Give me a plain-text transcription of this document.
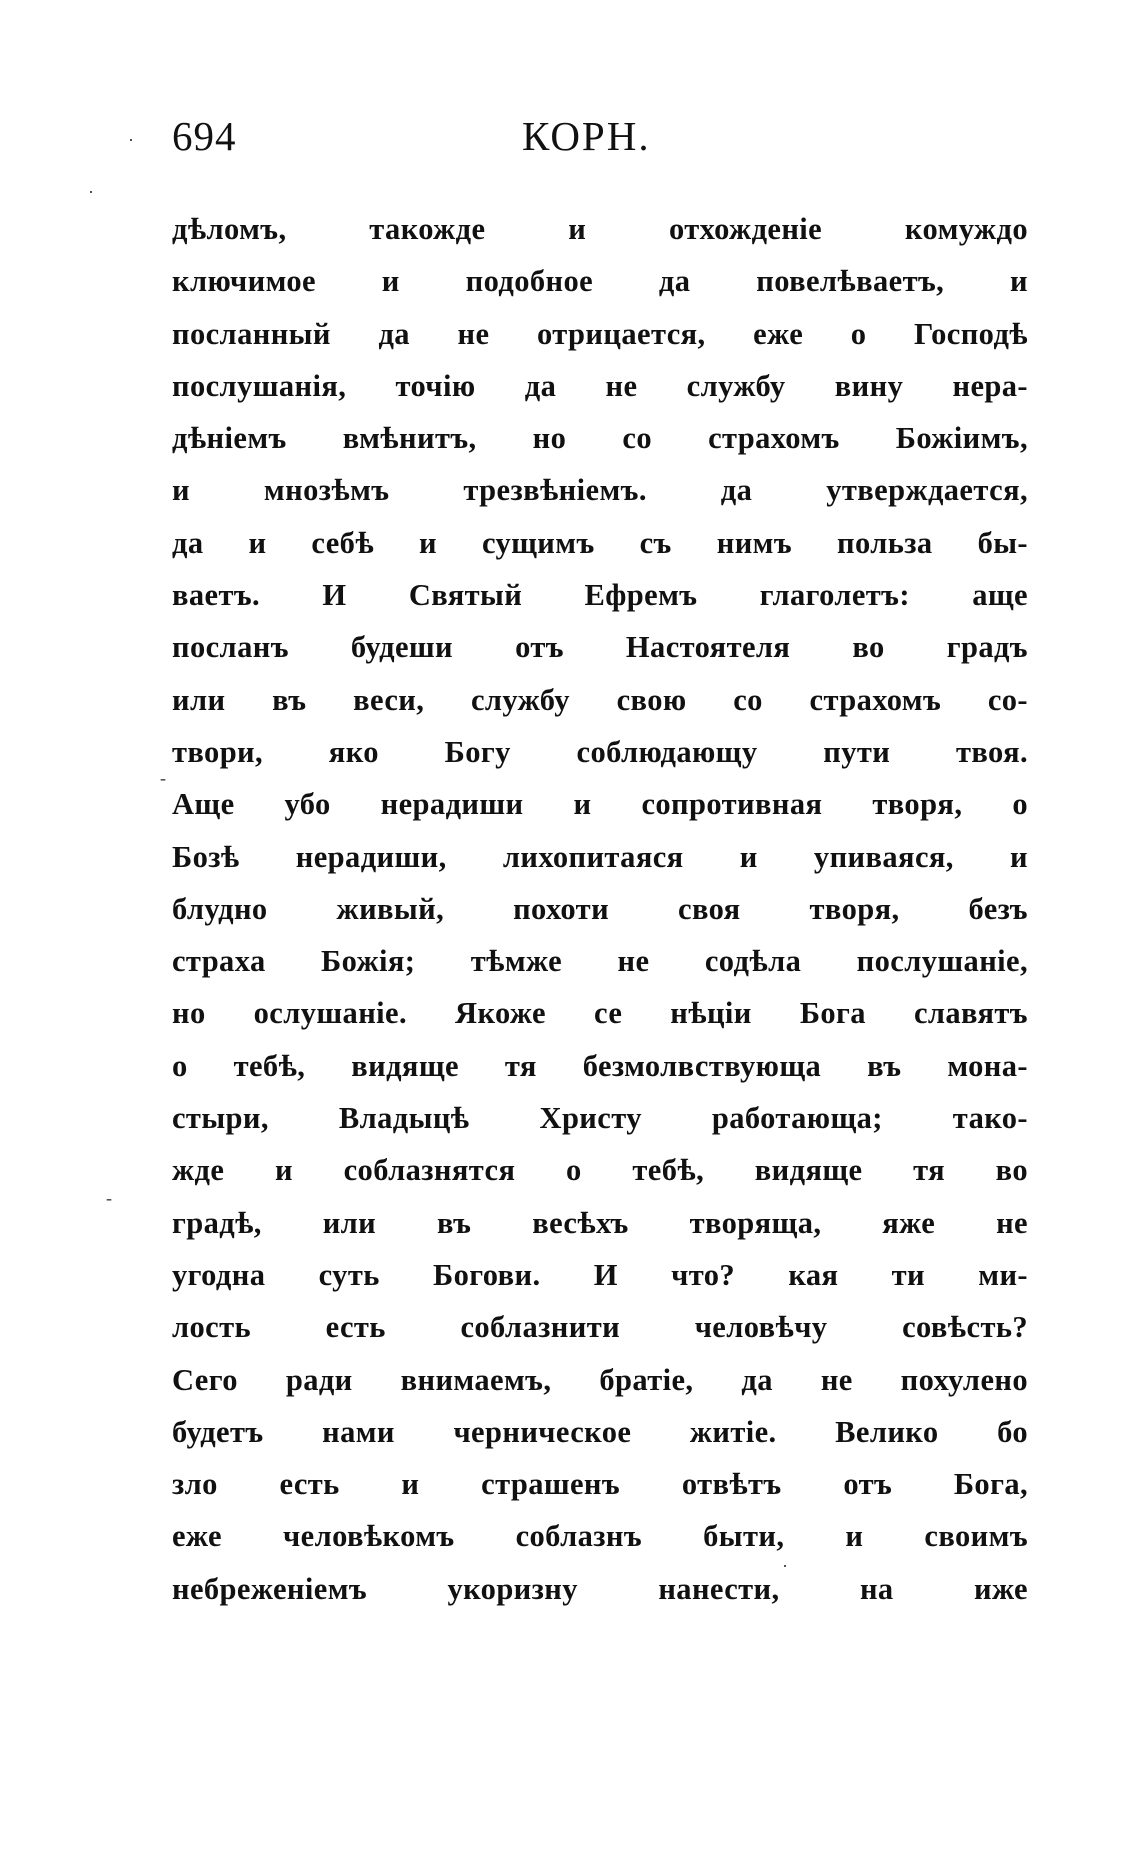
694	КОРН.
дѣломъ, такожде и отхожденіе комуждо
ключимое и подобное да повелѣваетъ, и
посланный да не отрицается, еже о Господѣ
послушанія, точію да не службу вину нера-
дѣніемъ вмѣнитъ, но со страхомъ Божіимъ,
и мнозѣмъ трезвѣніемъ. да утверждается,
да и себѣ и сущимъ съ нимъ польза бы-
ваетъ. И Святый Ефремъ глаголетъ: аще
посланъ будеши отъ Настоятеля во градъ
или въ веси, службу свою со страхомъ со-
твори, яко Богу соблюдающу пути твоя.
Аще убо нерадиши и сопротивная творя, о
Бозѣ нерадиши, лихопитаяся и упиваяся, и
блудно живый, похоти своя творя, безъ
страха Божія; тѣмже не содѣла послушаніе,
но ослушаніе. Якоже се нѣціи Бога славятъ
о тебѣ, видяще тя безмолвствующа въ мона-
стыри, Владыцѣ Христу работающа; тако-
жде и соблазнятся о тебѣ, видяще тя во
градѣ, или въ весѣхъ творяща, яже не
угодна суть Богови. И что? кая ти ми-
лость есть соблазнити человѣчу совѣсть?
Сего ради внимаемъ, братіе, да не похулено
будетъ нами черническое житіе. Велико бо
зло есть и страшенъ отвѣтъ отъ Бога,
еже человѣкомъ соблазнъ быти, и своимъ
небреженіемъ укоризну нанести, на иже
·
·
-
-
·
